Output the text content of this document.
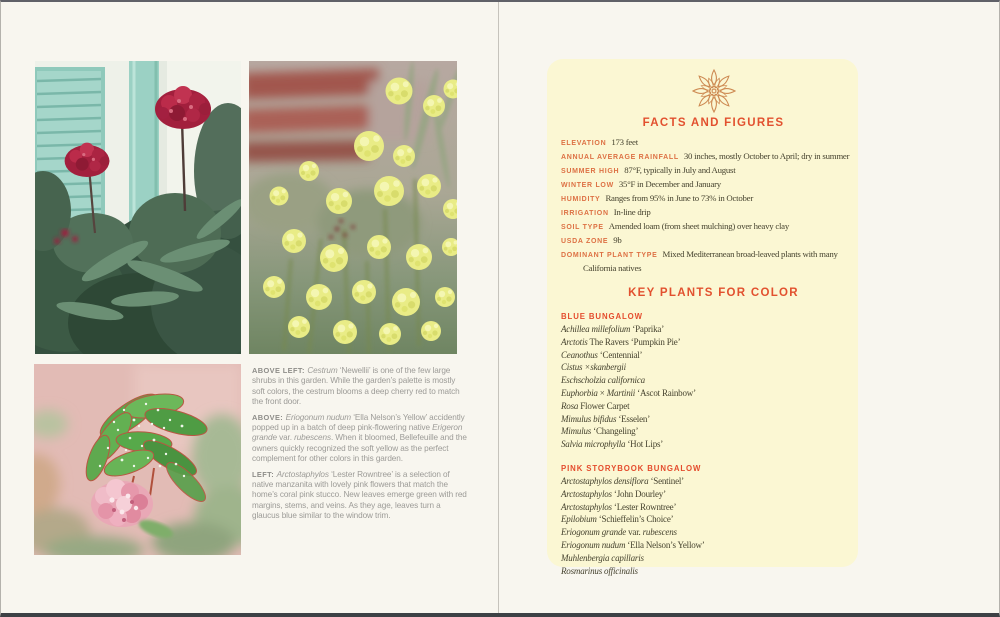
ABOVE LEFT: Cestrum ‘Newellii’ is one of the few large shrubs in this garden. While the garden’s palette is mostly soft colors, the cestrum blooms a deep cherry red to match the front door.

ABOVE: Eriogonum nudum ‘Ella Nelson’s Yellow’ accidently popped up in a batch of deep pink-flowering native Erigeron grande var. rubescens. When it bloomed, Bellefeuille and the owners quickly recognized the soft yellow as the perfect complement for other colors in this garden.

LEFT: Arctostaphylos ‘Lester Rowntree’ is a selection of native manzanita with lovely pink flowers that match the home’s coral pink stucco. New leaves emerge green with red margins, stems, and veins. As they age, leaves turn a glaucus blue similar to the window trim.

FACTS AND FIGURES
ELEVATION 173 feet
ANNUAL AVERAGE RAINFALL 30 inches, mostly October to April; dry in summer
SUMMER HIGH 87°F, typically in July and August
WINTER LOW 35°F in December and January
HUMIDITY Ranges from 95% in June to 73% in October
IRRIGATION In-line drip
SOIL TYPE Amended loam (from sheet mulching) over heavy clay
USDA ZONE 9b
DOMINANT PLANT TYPE Mixed Mediterranean broad-leaved plants with many California natives
KEY PLANTS FOR COLOR
BLUE BUNGALOW
Achillea millefolium ‘Paprika’
Arctotis The Ravers ‘Pumpkin Pie’
Ceanothus ‘Centennial’
Cistus ×skanbergii
Eschscholzia californica
Euphorbia × Martinii ‘Ascot Rainbow’
Rosa Flower Carpet
Mimulus bifidus ‘Esselen’
Mimulus ‘Changeling’
Salvia microphylla ‘Hot Lips’
PINK STORYBOOK BUNGALOW
Arctostaphylos densiflora ‘Sentinel’
Arctostaphylos ‘John Dourley’
Arctostaphylos ‘Lester Rowntree’
Epilobium ‘Schieffelin’s Choice’
Eriogonum grande var. rubescens
Eriogonum nudum ‘Ella Nelson’s Yellow’
Muhlenbergia capillaris
Rosmarinus officinalis
